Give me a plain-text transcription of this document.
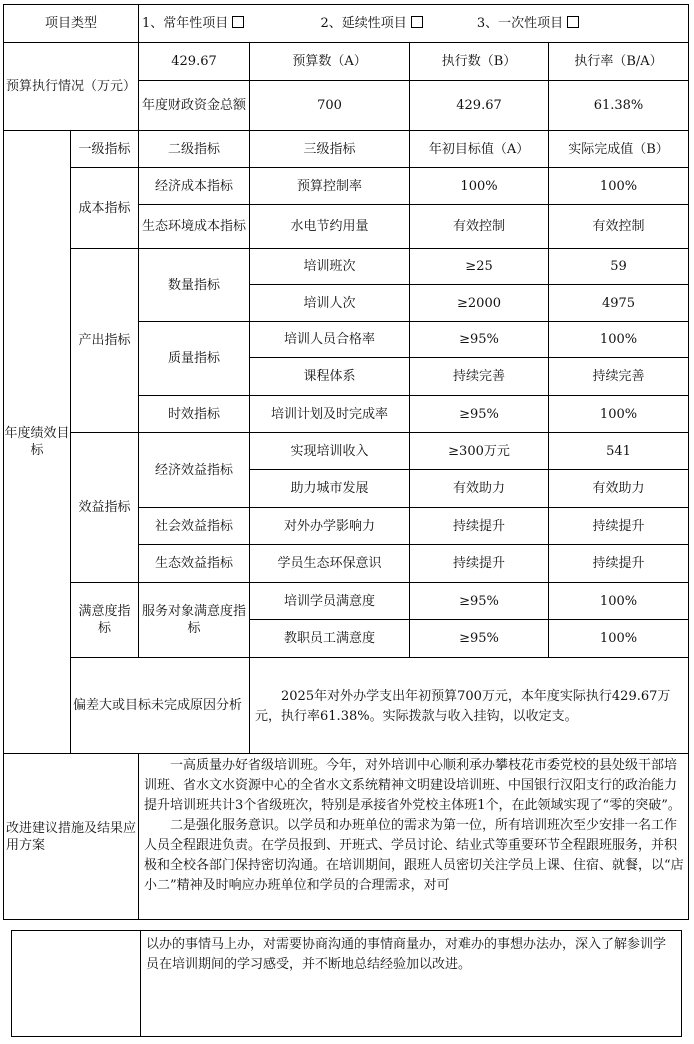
项目类型		1、常年性项目 2、延续性项目 3、一次性项目			
预算执行情况（万元）		429.67	预算数（A）	执行数（B）	执行率（B/A）
		年度财政资金总额	700	429.67	61.38%
年度绩效目标	一级指标	二级指标	三级指标	年初目标值（A）	实际完成值（B）
	成本指标	经济成本指标	预算控制率	100%	100%
		生态环境成本指标	水电节约用量	有效控制	有效控制
	产出指标	数量指标	培训班次	≥25	59
			培训人次	≥2000	4975
		质量指标	培训人员合格率	≥95%	100%
			课程体系	持续完善	持续完善
		时效指标	培训计划及时完成率	≥95%	100%
	效益指标	经济效益指标	实现培训收入	≥300万元	541
			助力城市发展	有效助力	有效助力
		社会效益指标	对外办学影响力	持续提升	持续提升
		生态效益指标	学员生态环保意识	持续提升	持续提升
	满意度指标	服务对象满意度指标	培训学员满意度	≥95%	100%
			教职员工满意度	≥95%	100%
	偏差大或目标未完成原因分析		2025年对外办学支出年初预算700万元，本年度实际执行429.67万元，执行率61.38%。实际拨款与收入挂钩，以收定支。		

改进建议措施及结果应用方案		一高质量办好省级培训班。今年，对外培训中心顺利承办攀枝花市委党校的县处级干部培训班、省水文水资源中心的全省水文系统精神文明建设培训班、中国银行汉阳支行的政治能力提升培训班共计3个省级班次，特别是承接省外党校主体班1个，在此领域实现了“零的突破”。

二是强化服务意识。以学员和办班单位的需求为第一位，所有培训班次至少安排一名工作人员全程跟进负责。在学员报到、开班式、学员讨论、结业式等重要环节全程跟班服务，并积极和全校各部门保持密切沟通。在培训期间，跟班人员密切关注学员上课、住宿、就餐，以“店小二”精神及时响应办班单位和学员的合理需求，对可			

以办的事情马上办，对需要协商沟通的事情商量办，对难办的事想办法办，深入了解参训学员在培训期间的学习感受，并不断地总结经验加以改进。
